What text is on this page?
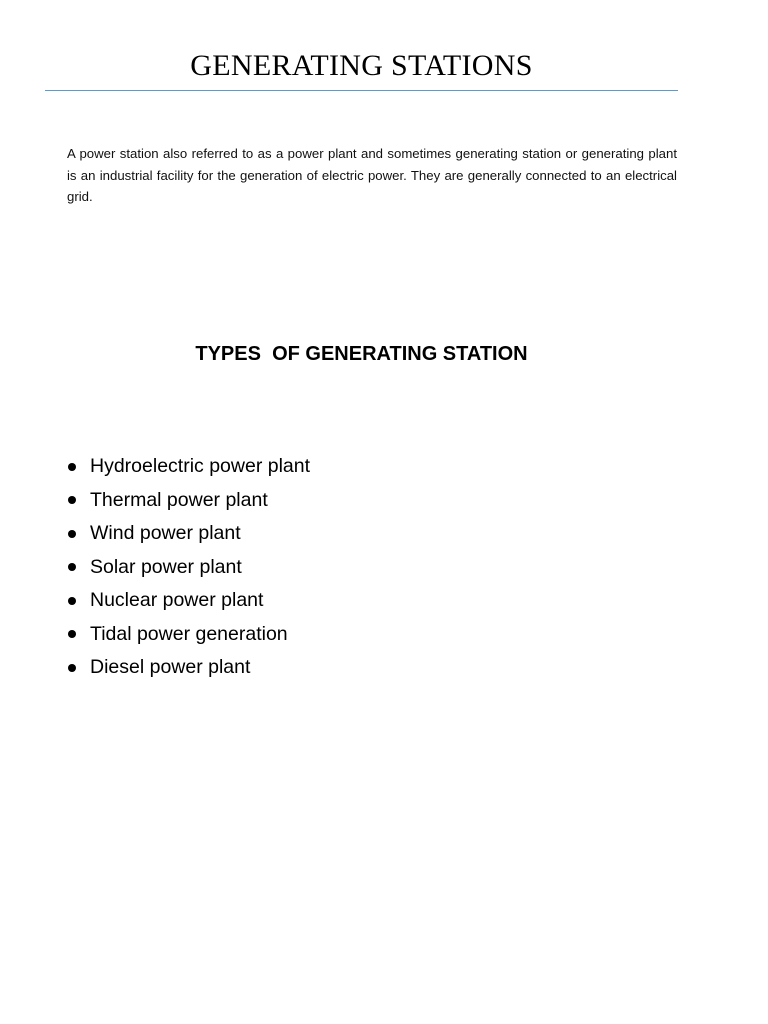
GENERATING STATIONS

A power station also referred to as a power plant and sometimes generating station or generating plant is an industrial facility for the generation of electric power. They are generally connected to an electrical grid.

TYPES  OF GENERATING STATION
Hydroelectric power plant
Thermal power plant
Wind power plant
Solar power plant
Nuclear power plant
Tidal power generation
Diesel power plant
